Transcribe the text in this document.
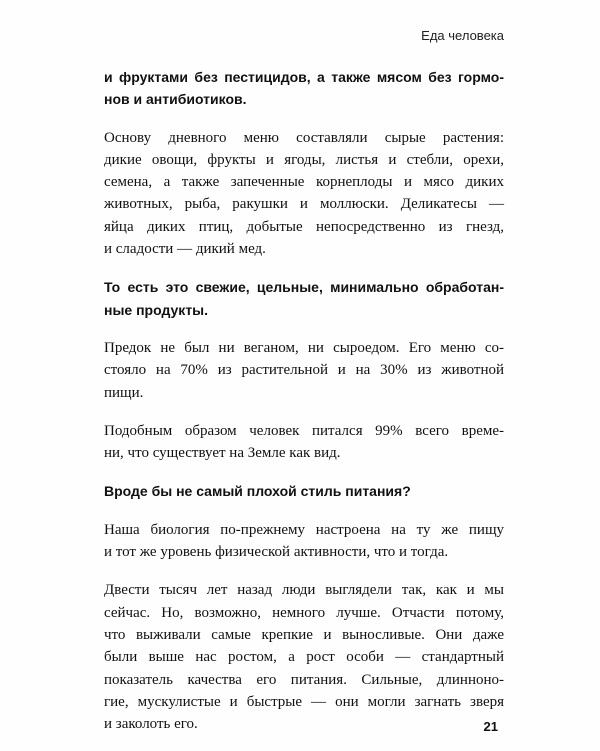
Еда человека

и фруктами без пестицидов, а также мясом без гормо-
нов и антибиотиков.

Основу дневного меню составляли сырые растения:
дикие овощи, фрукты и ягоды, листья и стебли, орехи,
семена, а также запеченные корнеплоды и мясо диких
животных, рыба, ракушки и моллюски. Деликатесы —
яйца диких птиц, добытые непосредственно из гнезд,
и сладости — дикий мед.

То есть это свежие, цельные, минимально обработан-
ные продукты.

Предок не был ни веганом, ни сыроедом. Его меню со-
стояло на 70% из растительной и на 30% из животной
пищи.

Подобным образом человек питался 99% всего време-
ни, что существует на Земле как вид.

Вроде бы не самый плохой стиль питания?

Наша биология по-прежнему настроена на ту же пищу
и тот же уровень физической активности, что и тогда.

Двести тысяч лет назад люди выглядели так, как и мы
сейчас. Но, возможно, немного лучше. Отчасти потому,
что выживали самые крепкие и выносливые. Они даже
были выше нас ростом, а рост особи — стандартный
показатель качества его питания. Сильные, длинноно-
гие, мускулистые и быстрые — они могли загнать зверя
и заколоть его.	21
